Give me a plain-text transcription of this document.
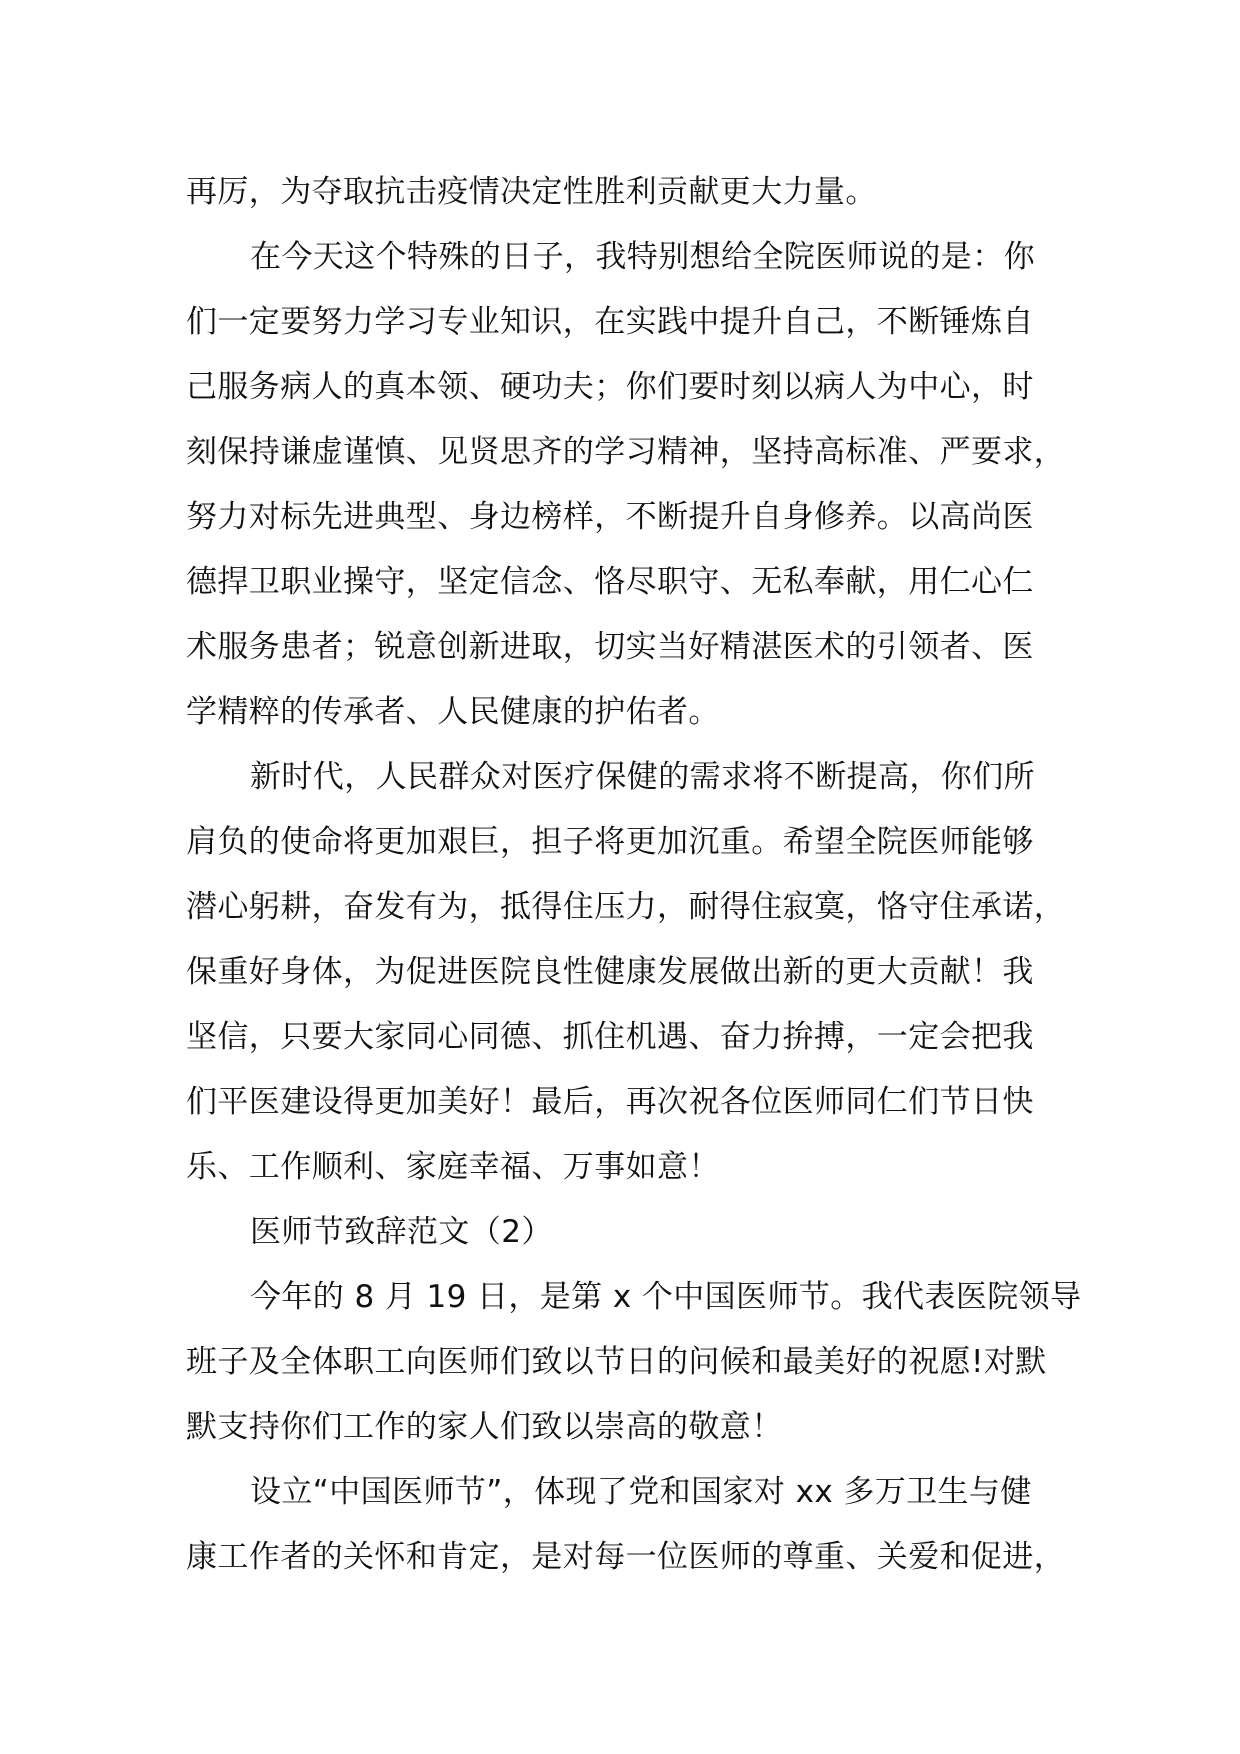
再厉，为夺取抗击疫情决定性胜利贡献更大力量。
在今天这个特殊的日子，我特别想给全院医师说的是：你
们一定要努力学习专业知识，在实践中提升自己，不断锤炼自
己服务病人的真本领、硬功夫；你们要时刻以病人为中心，时
刻保持谦虚谨慎、见贤思齐的学习精神，坚持高标准、严要求，
努力对标先进典型、身边榜样，不断提升自身修养。以高尚医
德捍卫职业操守，坚定信念、恪尽职守、无私奉献，用仁心仁
术服务患者；锐意创新进取，切实当好精湛医术的引领者、医
学精粹的传承者、人民健康的护佑者。
新时代，人民群众对医疗保健的需求将不断提高，你们所
肩负的使命将更加艰巨，担子将更加沉重。希望全院医师能够
潜心躬耕，奋发有为，抵得住压力，耐得住寂寞，恪守住承诺，
保重好身体，为促进医院良性健康发展做出新的更大贡献！我
坚信，只要大家同心同德、抓住机遇、奋力拚搏，一定会把我
们平医建设得更加美好！最后，再次祝各位医师同仁们节日快
乐、工作顺利、家庭幸福、万事如意！
医师节致辞范文（2）
今年的 8 月 19 日，是第 x 个中国医师节。我代表医院领导
班子及全体职工向医师们致以节日的问候和最美好的祝愿!对默
默支持你们工作的家人们致以崇高的敬意！
设立“中国医师节”，体现了党和国家对 xx 多万卫生与健
康工作者的关怀和肯定，是对每一位医师的尊重、关爱和促进，
